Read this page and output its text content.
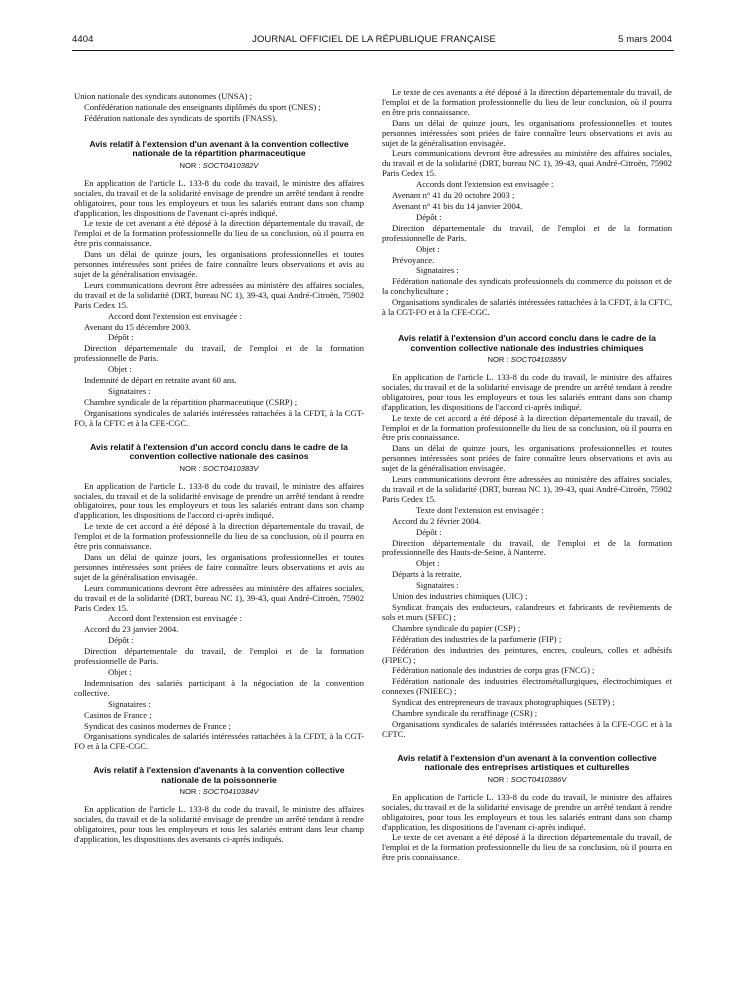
4404	JOURNAL OFFICIEL DE LA RÉPUBLIQUE FRANÇAISE	5 mars 2004

Union nationale des syndicats autonomes (UNSA) ;

Confédération nationale des enseignants diplômés du sport (CNES) ;

Fédération nationale des syndicats de sportifs (FNASS).

Avis relatif à l'extension d'un avenant à la convention collective nationale de la répartition pharmaceutique
NOR : SOCT0410382V

En application de l'article L. 133-8 du code du travail, le ministre des affaires sociales, du travail et de la solidarité envisage de prendre un arrêté tendant à rendre obligatoires, pour tous les employeurs et tous les salariés entrant dans son champ d'application, les dispositions de l'avenant ci-après indiqué.

Le texte de cet avenant a été déposé à la direction départementale du travail, de l'emploi et de la formation professionnelle du lieu de sa conclusion, où il pourra en être pris connaissance.

Dans un délai de quinze jours, les organisations professionnelles et toutes personnes intéressées sont priées de faire connaître leurs observations et avis au sujet de la généralisation envisagée.

Leurs communications devront être adressées au ministère des affaires sociales, du travail et de la solidarité (DRT, bureau NC 1), 39-43, quai André-Citroën, 75902 Paris Cedex 15.

Accord dont l'extension est envisagée :

Avenant du 15 décembre 2003.

Dépôt :

Direction départementale du travail, de l'emploi et de la formation professionnelle de Paris.

Objet :

Indemnité de départ en retraite avant 60 ans.

Signataires :

Chambre syndicale de la répartition pharmaceutique (CSRP) ;

Organisations syndicales de salariés intéressées rattachées à la CFDT, à la CGT-FO, à la CFTC et à la CFE-CGC.

Avis relatif à l'extension d'un accord conclu dans le cadre de la convention collective nationale des casinos
NOR : SOCT0410383V

En application de l'article L. 133-8 du code du travail, le ministre des affaires sociales, du travail et de la solidarité envisage de prendre un arrêté tendant à rendre obligatoires, pour tous les employeurs et tous les salariés entrant dans son champ d'application, les dispositions de l'accord ci-après indiqué.

Le texte de cet accord a été déposé à la direction départementale du travail, de l'emploi et de la formation professionnelle du lieu de sa conclusion, où il pourra en être pris connaissance.

Dans un délai de quinze jours, les organisations professionnelles et toutes personnes intéressées sont priées de faire connaître leurs observations et avis au sujet de la généralisation envisagée.

Leurs communications devront être adressées au ministère des affaires sociales, du travail et de la solidarité (DRT, bureau NC 1), 39-43, quai André-Citroën, 75902 Paris Cedex 15.

Accord dont l'extension est envisagée :

Accord du 23 janvier 2004.

Dépôt :

Direction départementale du travail, de l'emploi et de la formation professionnelle de Paris.

Objet :

Indemnisation des salariés participant à la négociation de la convention collective.

Signataires :

Casinos de France ;

Syndicat des casinos modernes de France ;

Organisations syndicales de salariés intéressées rattachées à la CFDT, à la CGT-FO et à la CFE-CGC.

Avis relatif à l'extension d'avenants à la convention collective nationale de la poissonnerie
NOR : SOCT0410384V

En application de l'article L. 133-8 du code du travail, le ministre des affaires sociales, du travail et de la solidarité envisage de prendre un arrêté tendant à rendre obligatoires, pour tous les employeurs et tous les salariés entrant dans leur champ d'application, les dispositions des avenants ci-après indiqués.

Le texte de ces avenants a été déposé à la direction départementale du travail, de l'emploi et de la formation professionnelle du lieu de leur conclusion, où il pourra en être pris connaissance.

Dans un délai de quinze jours, les organisations professionnelles et toutes personnes intéressées sont priées de faire connaître leurs observations et avis au sujet de la généralisation envisagée.

Leurs communications devront être adressées au ministère des affaires sociales, du travail et de la solidarité (DRT, bureau NC 1), 39-43, quai André-Citroën, 75902 Paris Cedex 15.

Accords dont l'extension est envisagée :

Avenant n° 41 du 20 octobre 2003 ;

Avenant n° 41 bis du 14 janvier 2004.

Dépôt :

Direction départementale du travail, de l'emploi et de la formation professionnelle de Paris.

Objet :

Prévoyance.

Signataires :

Fédération nationale des syndicats professionnels du commerce du poisson et de la conchyliculture ;

Organisations syndicales de salariés intéressées rattachées à la CFDT, à la CFTC, à la CGT-FO et à la CFE-CGC.

Avis relatif à l'extension d'un accord conclu dans le cadre de la convention collective nationale des industries chimiques
NOR : SOCT0410385V

En application de l'article L. 133-8 du code du travail, le ministre des affaires sociales, du travail et de la solidarité envisage de prendre un arrêté tendant à rendre obligatoires, pour tous les employeurs et tous les salariés entrant dans son champ d'application, les dispositions de l'accord ci-après indiqué.

Le texte de cet accord a été déposé à la direction départementale du travail, de l'emploi et de la formation professionnelle du lieu de sa conclusion, où il pourra en être pris connaissance.

Dans un délai de quinze jours, les organisations professionnelles et toutes personnes intéressées sont priées de faire connaître leurs observations et avis au sujet de la généralisation envisagée.

Leurs communications devront être adressées au ministère des affaires sociales, du travail et de la solidarité (DRT, bureau NC 1), 39-43, quai André-Citroën, 75902 Paris Cedex 15.

Texte dont l'extension est envisagée :

Accord du 2 février 2004.

Dépôt :

Direction départementale du travail, de l'emploi et de la formation professionnelle des Hauts-de-Seine, à Nanterre.

Objet :

Départs à la retraite.

Signataires :

Union des industries chimiques (UIC) ;

Syndicat français des enducteurs, calandreurs et fabricants de revêtements de sols et murs (SFEC) ;

Chambre syndicale du papier (CSP) ;

Fédération des industries de la parfumerie (FIP) ;

Fédération des industries des peintures, encres, couleurs, colles et adhésifs (FIPEC) ;

Fédération nationale des industries de corps gras (FNCG) ;

Fédération nationale des industries électrométallurgiques, électrochimiques et connexes (FNIEEC) ;

Syndicat des entrepreneurs de travaux photographiques (SETP) ;

Chambre syndicale du reraffinage (CSR) ;

Organisations syndicales de salariés intéressées rattachées à la CFE-CGC et à la CFTC.

Avis relatif à l'extension d'un avenant à la convention collective nationale des entreprises artistiques et culturelles
NOR : SOCT0410386V

En application de l'article L. 133-8 du code du travail, le ministre des affaires sociales, du travail et de la solidarité envisage de prendre un arrêté tendant à rendre obligatoires, pour tous les employeurs et tous les salariés entrant dans son champ d'application, les dispositions de l'avenant ci-après indiqué.

Le texte de cet avenant a été déposé à la direction départementale du travail, de l'emploi et de la formation professionnelle du lieu de sa conclusion, où il pourra en être pris connaissance.
